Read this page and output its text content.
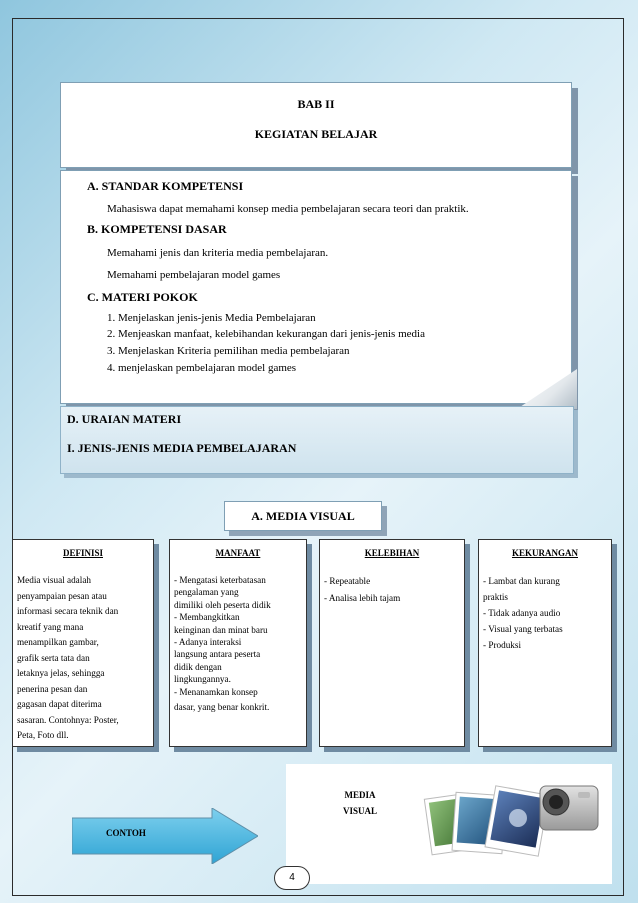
BAB II
KEGIATAN BELAJAR
A. STANDAR KOMPETENSI
Mahasiswa dapat memahami konsep media pembelajaran secara teori dan praktik.
B. KOMPETENSI DASAR
Memahami jenis dan kriteria media pembelajaran.
Memahami pembelajaran model games
C. MATERI POKOK
1. Menjelaskan jenis-jenis Media Pembelajaran
2. Menjeaskan manfaat, kelebihandan kekurangan dari jenis-jenis media
3. Menjelaskan Kriteria pemilihan media pembelajaran
4. menjelaskan pembelajaran model games
D. URAIAN MATERI
I. JENIS-JENIS MEDIA PEMBELAJARAN
A. MEDIA VISUAL
DEFINISI
Media visual adalah
penyampaian pesan atau
informasi secara teknik dan
kreatif yang mana
menampilkan gambar,
grafik serta tata dan
letaknya jelas, sehingga
penerina pesan dan
gagasan dapat diterima
sasaran. Contohnya: Poster,
Peta, Foto dll.
MANFAAT
- Mengatasi keterbatasan
pengalaman yang
dimiliki oleh peserta didik
- Membangkitkan
keinginan dan minat baru
- Adanya interaksi
langsung antara peserta
didik dengan
lingkungannya.
- Menanamkan konsep
dasar, yang benar konkrit.
KELEBIHAN
- Repeatable
- Analisa lebih tajam
KEKURANGAN
- Lambat dan kurang
praktis
- Tidak adanya audio
- Visual yang terbatas
- Produksi
MEDIA
VISUAL
CONTOH
4
